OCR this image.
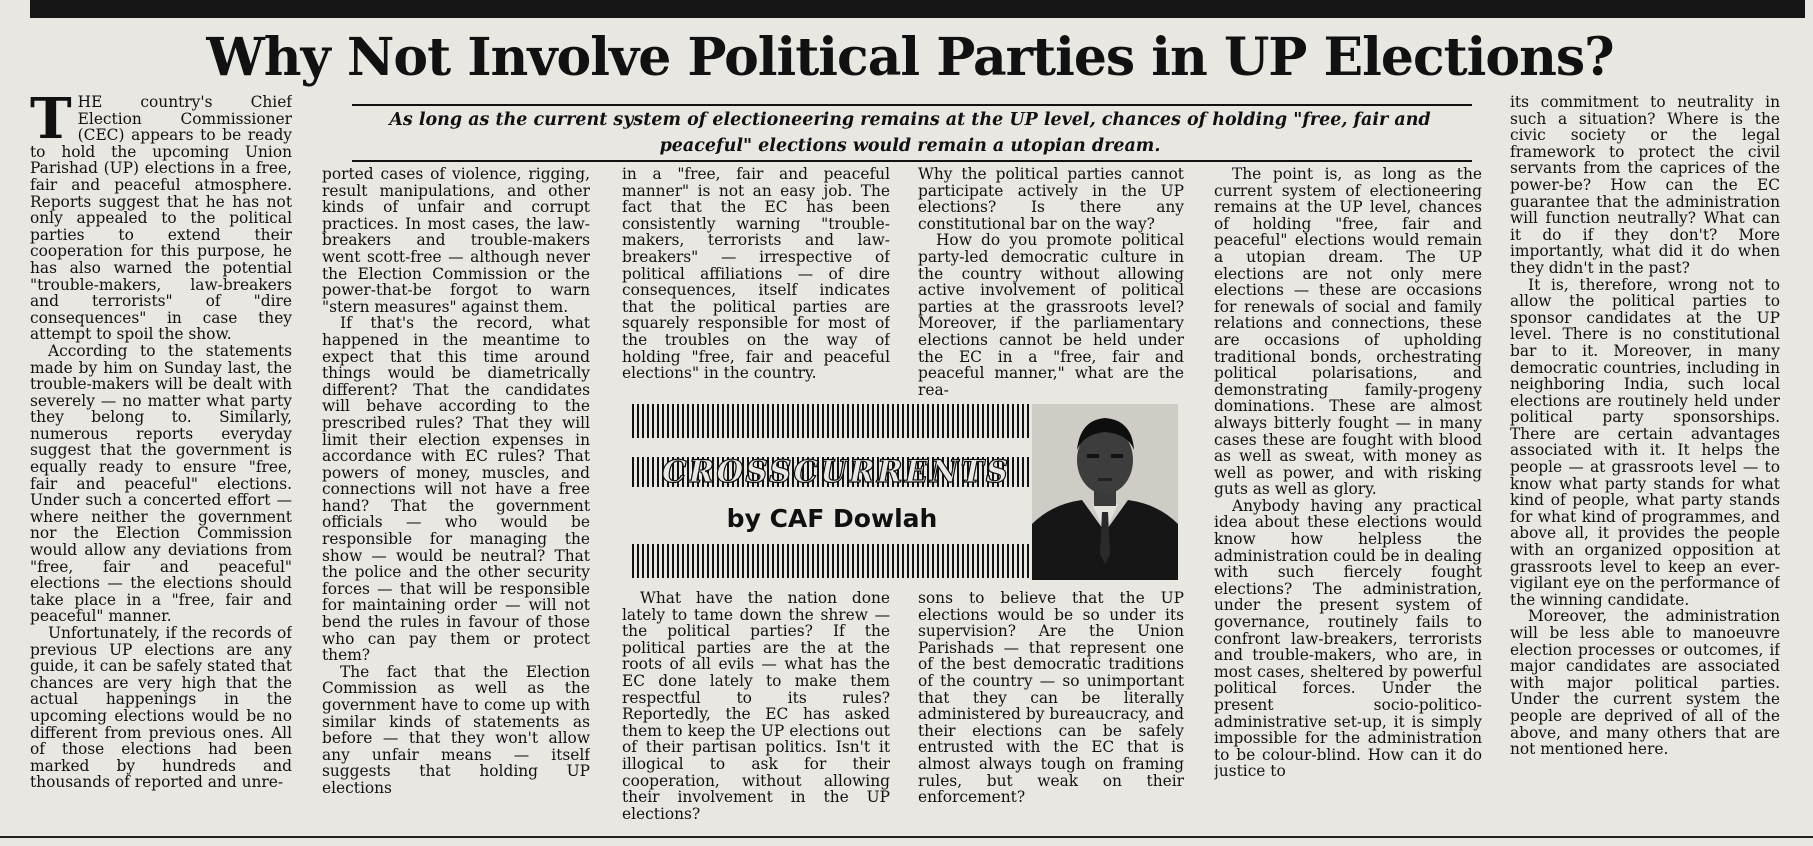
Why Not Involve Political Parties in UP Elections?
As long as the current system of electioneering remains at the UP level, chances of holding "free, fair and peaceful" elections would remain a utopian dream.

THE country's Chief Election Commissioner (CEC) appears to be ready to hold the upcoming Union Parishad (UP) elections in a free, fair and peaceful atmosphere. Reports suggest that he has not only appealed to the political parties to extend their cooperation for this purpose, he has also warned the potential "trouble-makers, law-breakers and terrorists" of "dire consequences" in case they attempt to spoil the show.

According to the statements made by him on Sunday last, the trouble-makers will be dealt with severely — no matter what party they belong to. Similarly, numerous reports everyday suggest that the government is equally ready to ensure "free, fair and peaceful" elections. Under such a concerted effort — where neither the government nor the Election Commission would allow any deviations from "free, fair and peaceful" elections — the elections should take place in a "free, fair and peaceful" manner.

Unfortunately, if the records of previous UP elections are any guide, it can be safely stated that chances are very high that the actual happenings in the upcoming elections would be no different from previous ones. All of those elections had been marked by hundreds and thousands of reported and unre-

ported cases of violence, rigging, result manipulations, and other kinds of unfair and corrupt practices. In most cases, the law-breakers and trouble-makers went scott-free — although never the Election Commission or the power-that-be forgot to warn "stern measures" against them.

If that's the record, what happened in the meantime to expect that this time around things would be diametrically different? That the candidates will behave according to the prescribed rules? That they will limit their election expenses in accordance with EC rules? That powers of money, muscles, and connections will not have a free hand? That the government officials — who would be responsible for managing the show — would be neutral? That the police and the other security forces — that will be responsible for maintaining order — will not bend the rules in favour of those who can pay them or protect them?

The fact that the Election Commission as well as the government have to come up with similar kinds of statements as before — that they won't allow any unfair means — itself suggests that holding UP elections

in a "free, fair and peaceful manner" is not an easy job. The fact that the EC has been consistently warning "trouble-makers, terrorists and law-breakers" — irrespective of political affiliations — of dire consequences, itself indicates that the political parties are squarely responsible for most of the troubles on the way of holding "free, fair and peaceful elections" in the country.

Why the political parties cannot participate actively in the UP elections? Is there any constitutional bar on the way?

How do you promote political party-led democratic culture in the country without allowing active involvement of political parties at the grassroots level? Moreover, if the parliamentary elections cannot be held under the EC in a "free, fair and peaceful manner," what are the rea-

CROSSCURRENTS
by CAF Dowlah

What have the nation done lately to tame down the shrew — the political parties? If the political parties are the at the roots of all evils — what has the EC done lately to make them respectful to its rules? Reportedly, the EC has asked them to keep the UP elections out of their partisan politics. Isn't it illogical to ask for their cooperation, without allowing their involvement in the UP elections?

sons to believe that the UP elections would be so under its supervision? Are the Union Parishads — that represent one of the best democratic traditions of the country — so unimportant that they can be literally administered by bureaucracy, and their elections can be safely entrusted with the EC that is almost always tough on framing rules, but weak on their enforcement?

The point is, as long as the current system of electioneering remains at the UP level, chances of holding "free, fair and peaceful" elections would remain a utopian dream. The UP elections are not only mere elections — these are occasions for renewals of social and family relations and connections, these are occasions of upholding traditional bonds, orchestrating political polarisations, and demonstrating family-progeny dominations. These are almost always bitterly fought — in many cases these are fought with blood as well as sweat, with money as well as power, and with risking guts as well as glory.

Anybody having any practical idea about these elections would know how helpless the administration could be in dealing with such fiercely fought elections? The administration, under the present system of governance, routinely fails to confront law-breakers, terrorists and trouble-makers, who are, in most cases, sheltered by powerful political forces. Under the present socio-politico-administrative set-up, it is simply impossible for the administration to be colour-blind. How can it do justice to

its commitment to neutrality in such a situation? Where is the civic society or the legal framework to protect the civil servants from the caprices of the power-be? How can the EC guarantee that the administration will function neutrally? What can it do if they don't? More importantly, what did it do when they didn't in the past?

It is, therefore, wrong not to allow the political parties to sponsor candidates at the UP level. There is no constitutional bar to it. Moreover, in many democratic countries, including in neighboring India, such local elections are routinely held under political party sponsorships. There are certain advantages associated with it. It helps the people — at grassroots level — to know what party stands for what kind of people, what party stands for what kind of programmes, and above all, it provides the people with an organized opposition at grassroots level to keep an ever-vigilant eye on the performance of the winning candidate.

Moreover, the administration will be less able to manoeuvre election processes or outcomes, if major candidates are associated with major political parties. Under the current system the people are deprived of all of the above, and many others that are not mentioned here.
